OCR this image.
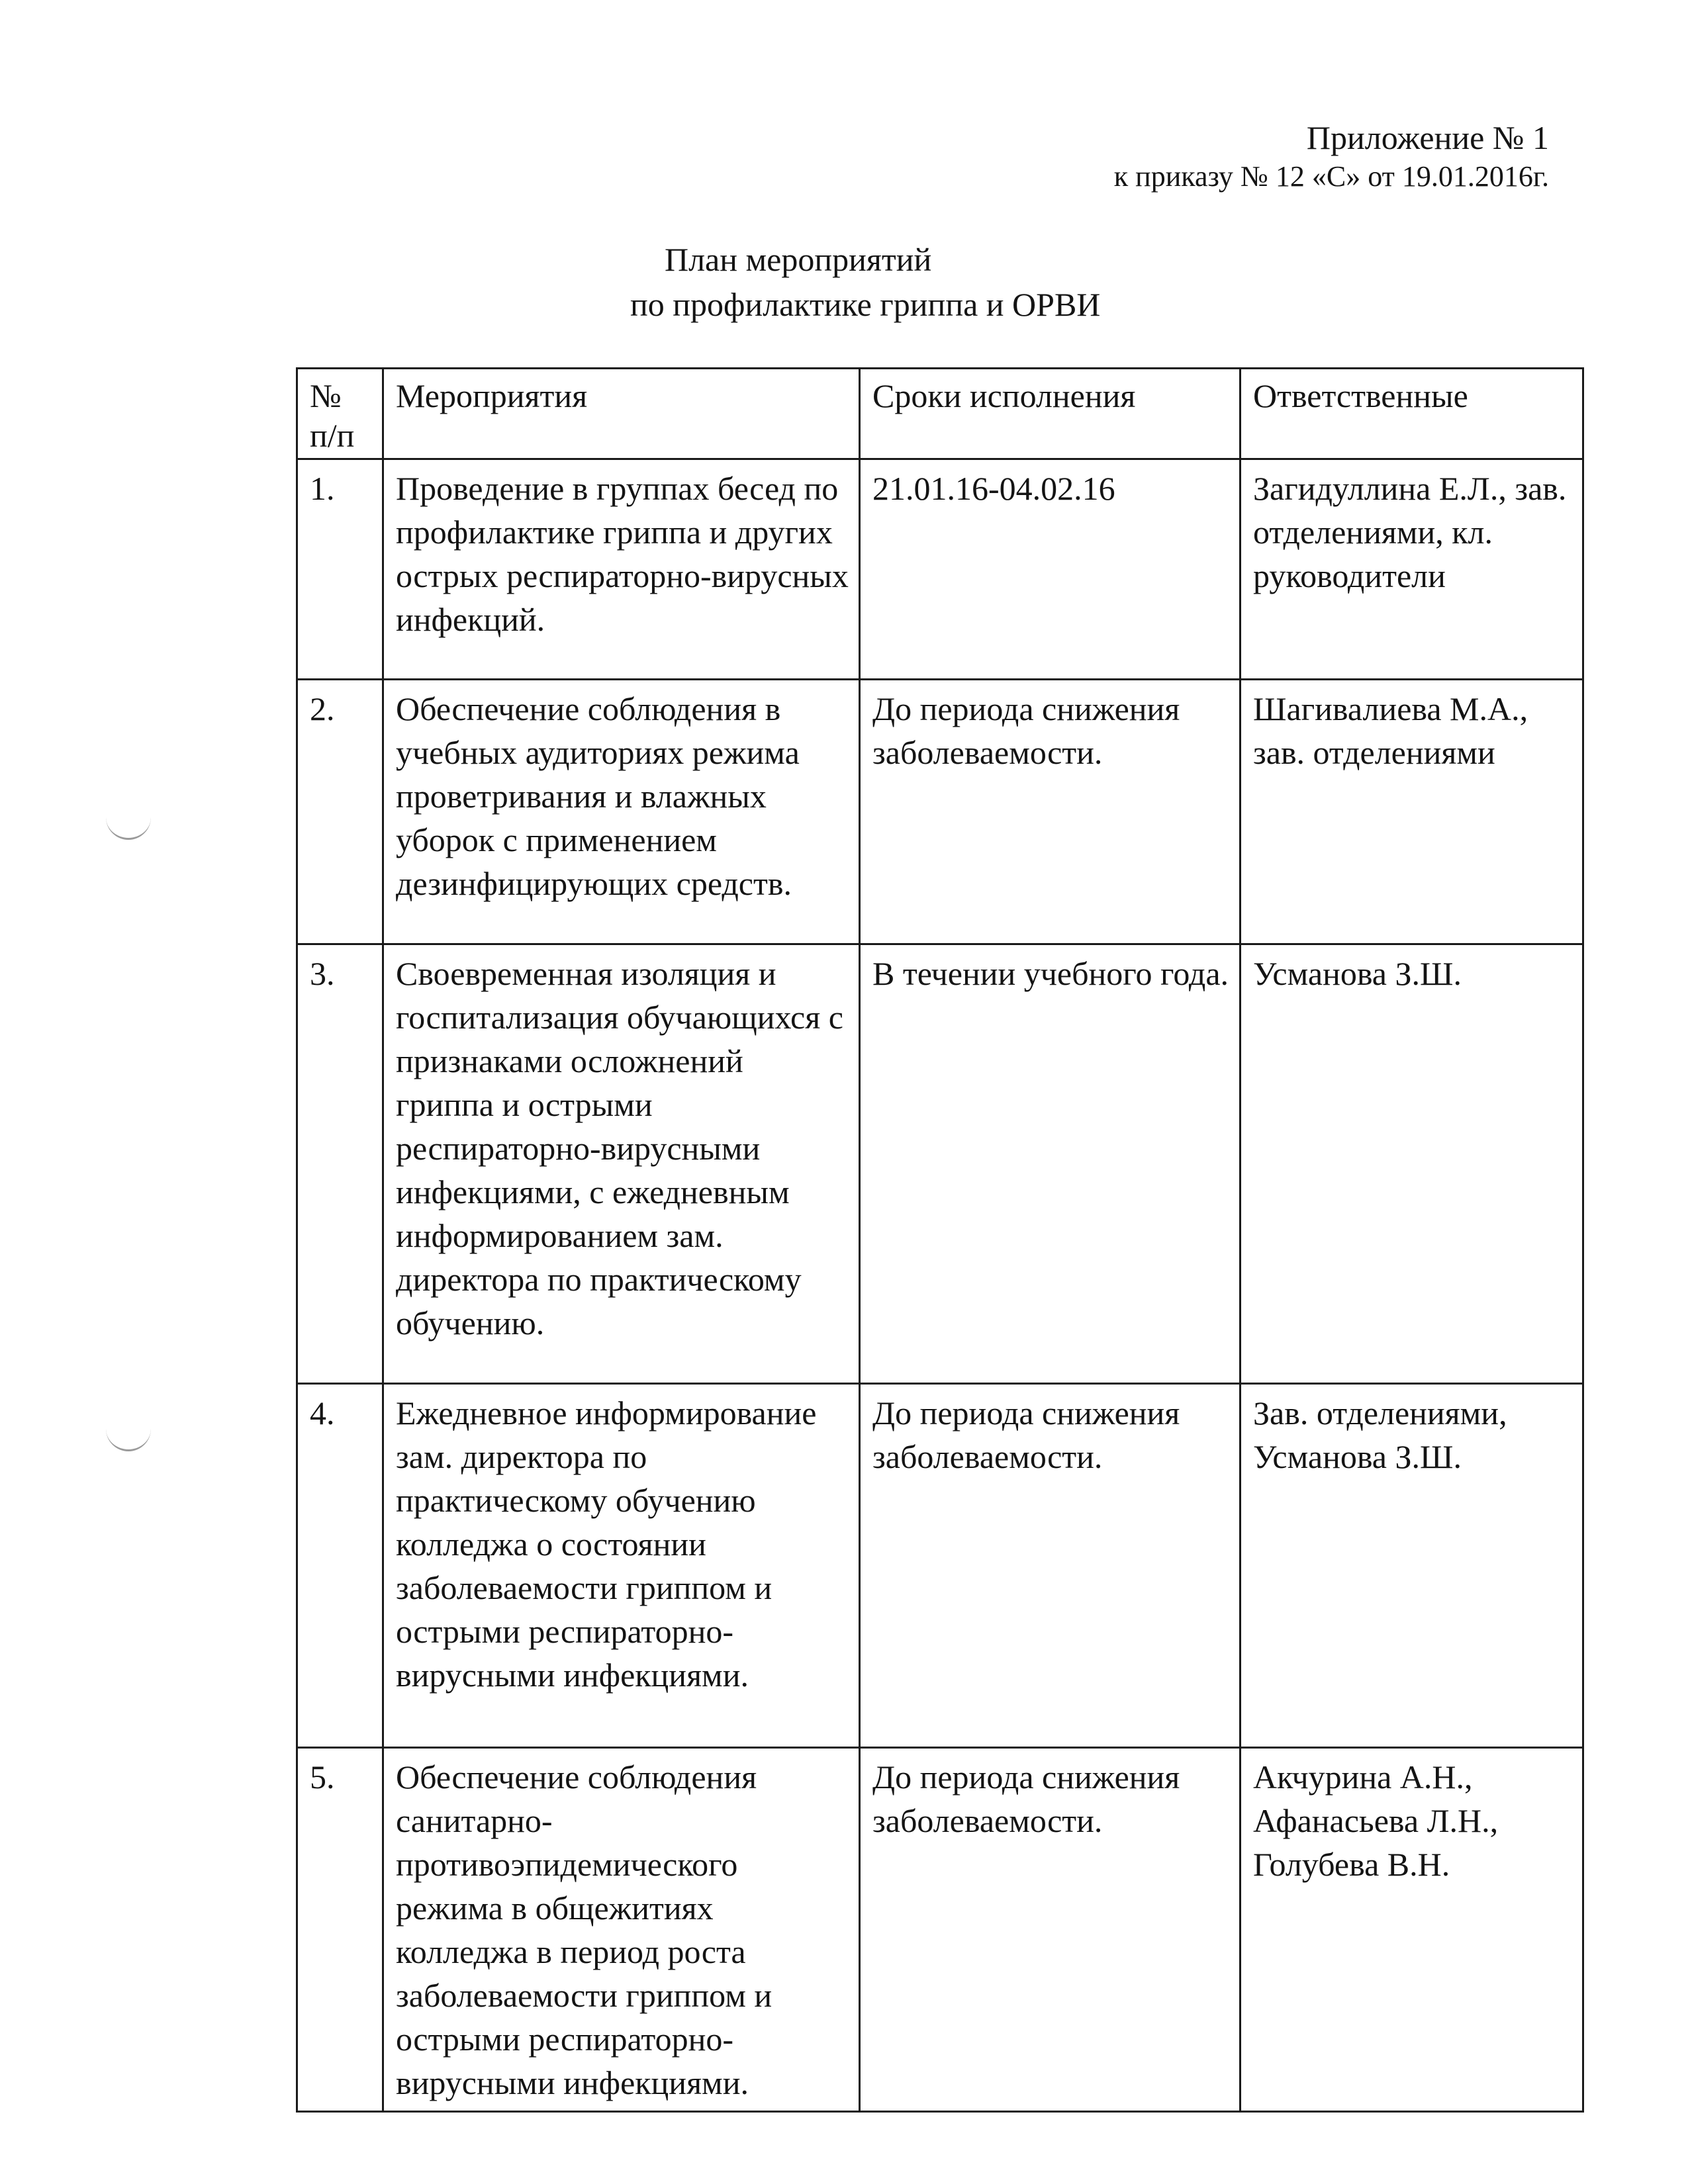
Приложение № 1
к приказу № 12 «С» от 19.01.2016г.
План мероприятий
по профилактике гриппа и ОРВИ
№ п/п	Мероприятия	Сроки исполнения	Ответственные
1.	Проведение в группах бесед по профилактике гриппа и других острых респираторно-вирусных инфекций.	21.01.16-04.02.16	Загидуллина Е.Л., зав. отделениями, кл. руководители
2.	Обеспечение соблюдения в учебных аудиториях режима проветривания и влажных уборок с применением дезинфицирующих средств.	До периода снижения заболеваемости.	Шагивалиева М.А., зав. отделениями
3.	Своевременная изоляция и госпитализация обучающихся с признаками осложнений гриппа и острыми респираторно-вирусными инфекциями, с ежедневным информированием зам. директора по практическому обучению.	В течении учебного года.	Усманова З.Ш.
4.	Ежедневное информирование зам. директора по практическому обучению колледжа о состоянии заболеваемости гриппом и острыми респираторно-вирусными инфекциями.	До периода снижения заболеваемости.	Зав. отделениями, Усманова З.Ш.
5.	Обеспечение соблюдения санитарно-противоэпидемического режима в общежитиях колледжа в период роста заболеваемости гриппом и острыми респираторно-вирусными инфекциями.	До периода снижения заболеваемости.	Акчурина А.Н., Афанасьева Л.Н., Голубева В.Н.
